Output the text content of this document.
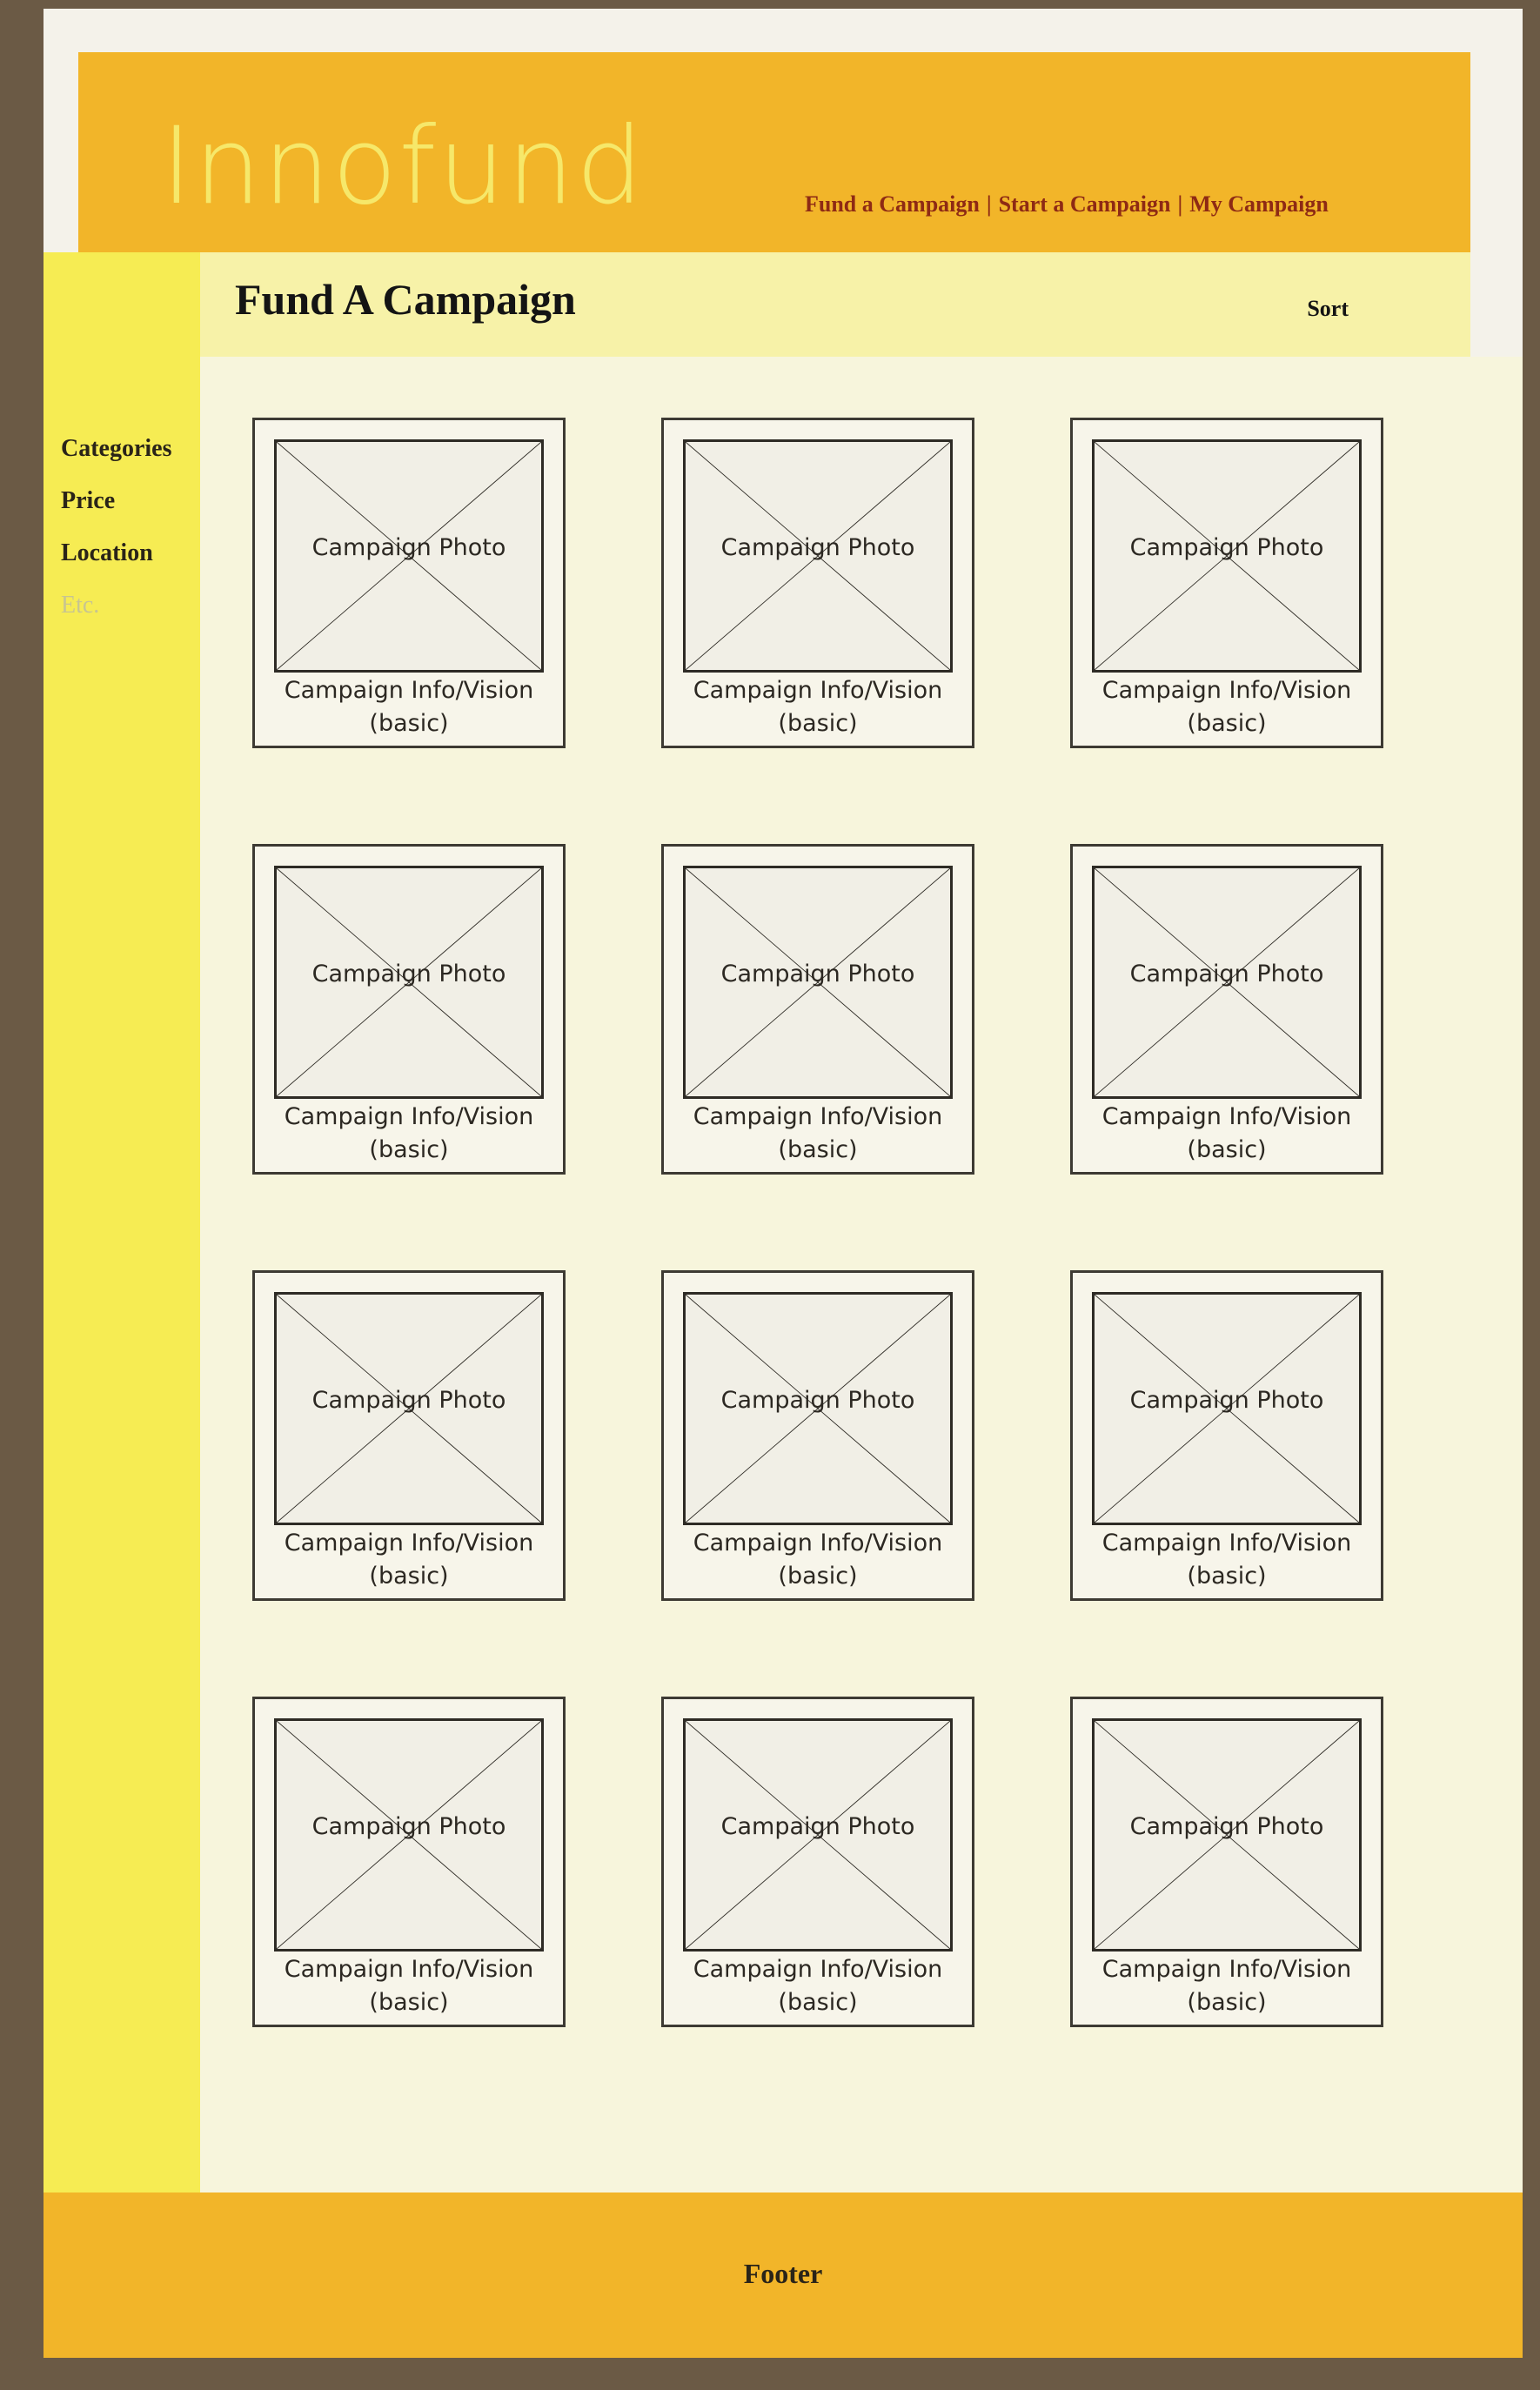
Innofund	Fund a Campaign | Start a Campaign | My Campaign
Categories
Price
Location
Etc.
Fund A Campaign	Sort
Campaign Photo
Campaign Info/Vision
(basic)
Campaign Photo
Campaign Info/Vision
(basic)
Campaign Photo
Campaign Info/Vision
(basic)
Campaign Photo
Campaign Info/Vision
(basic)
Campaign Photo
Campaign Info/Vision
(basic)
Campaign Photo
Campaign Info/Vision
(basic)
Campaign Photo
Campaign Info/Vision
(basic)
Campaign Photo
Campaign Info/Vision
(basic)
Campaign Photo
Campaign Info/Vision
(basic)
Campaign Photo
Campaign Info/Vision
(basic)
Campaign Photo
Campaign Info/Vision
(basic)
Campaign Photo
Campaign Info/Vision
(basic)
Footer
